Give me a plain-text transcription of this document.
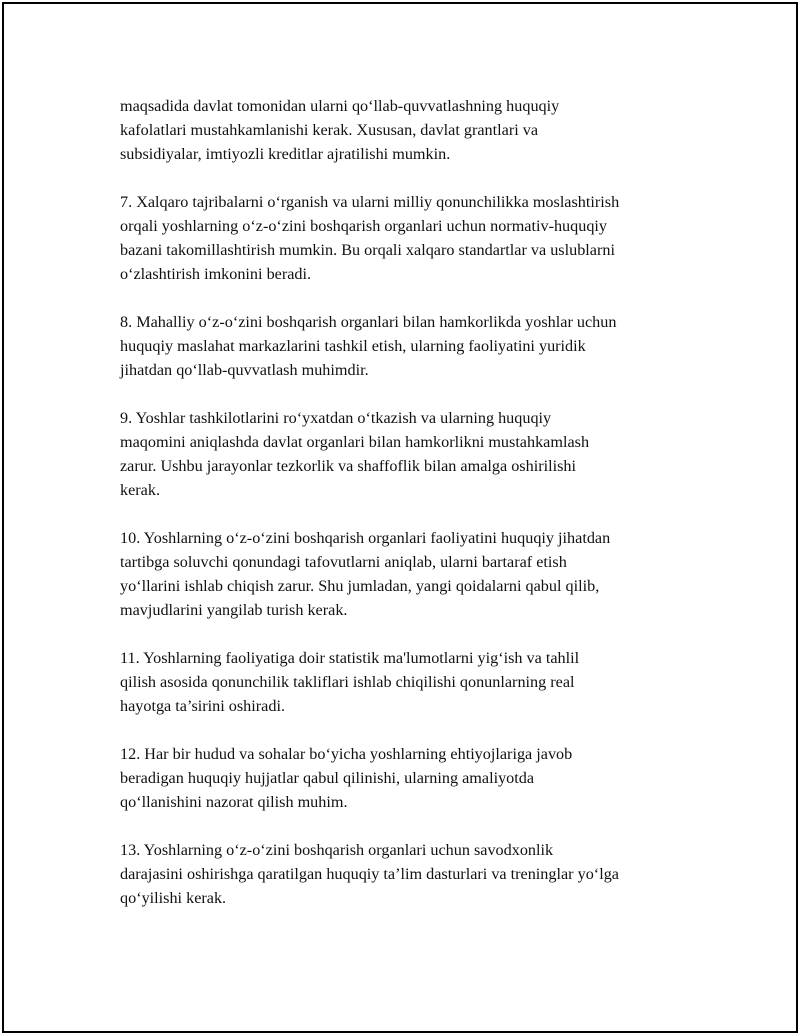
maqsadida davlat tomonidan ularni qo‘llab-quvvatlashning huquqiy
kafolatlari mustahkamlanishi kerak. Xususan, davlat grantlari va
subsidiyalar, imtiyozli kreditlar ajratilishi mumkin.

7. Xalqaro tajribalarni o‘rganish va ularni milliy qonunchilikka moslashtirish
orqali yoshlarning o‘z-o‘zini boshqarish organlari uchun normativ-huquqiy
bazani takomillashtirish mumkin. Bu orqali xalqaro standartlar va uslublarni
o‘zlashtirish imkonini beradi.

8. Mahalliy o‘z-o‘zini boshqarish organlari bilan hamkorlikda yoshlar uchun
huquqiy maslahat markazlarini tashkil etish, ularning faoliyatini yuridik
jihatdan qo‘llab-quvvatlash muhimdir.

9. Yoshlar tashkilotlarini ro‘yxatdan o‘tkazish va ularning huquqiy
maqomini aniqlashda davlat organlari bilan hamkorlikni mustahkamlash
zarur. Ushbu jarayonlar tezkorlik va shaffoflik bilan amalga oshirilishi
kerak.

10. Yoshlarning o‘z-o‘zini boshqarish organlari faoliyatini huquqiy jihatdan
tartibga soluvchi qonundagi tafovutlarni aniqlab, ularni bartaraf etish
yo‘llarini ishlab chiqish zarur. Shu jumladan, yangi qoidalarni qabul qilib,
mavjudlarini yangilab turish kerak.

11. Yoshlarning faoliyatiga doir statistik ma'lumotlarni yig‘ish va tahlil
qilish asosida qonunchilik takliflari ishlab chiqilishi qonunlarning real
hayotga ta’sirini oshiradi.

12. Har bir hudud va sohalar bo‘yicha yoshlarning ehtiyojlariga javob
beradigan huquqiy hujjatlar qabul qilinishi, ularning amaliyotda
qo‘llanishini nazorat qilish muhim.

13. Yoshlarning o‘z-o‘zini boshqarish organlari uchun savodxonlik
darajasini oshirishga qaratilgan huquqiy ta’lim dasturlari va treninglar yo‘lga
qo‘yilishi kerak.
